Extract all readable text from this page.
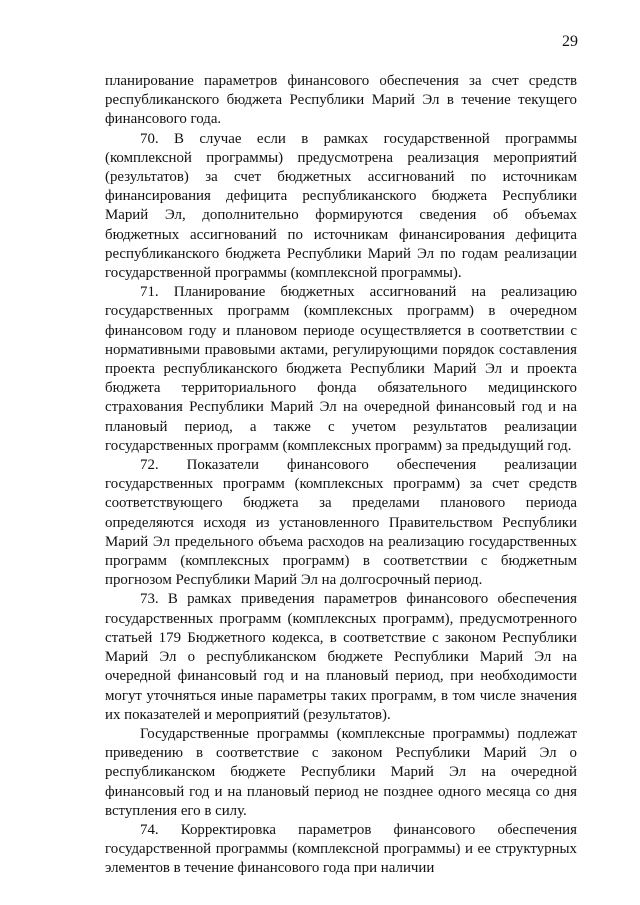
29

планирование параметров финансового обеспечения за счет средств республиканского бюджета Республики Марий Эл в течение текущего финансового года.

70. В случае если в рамках государственной программы (комплексной программы) предусмотрена реализация мероприятий (результатов) за счет бюджетных ассигнований по источникам финансирования дефицита республиканского бюджета Республики Марий Эл, дополнительно формируются сведения об объемах бюджетных ассигнований по источникам финансирования дефицита республиканского бюджета Республики Марий Эл по годам реализации государственной программы (комплексной программы).

71. Планирование бюджетных ассигнований на реализацию государственных программ (комплексных программ) в очередном финансовом году и плановом периоде осуществляется в соответствии с нормативными правовыми актами, регулирующими порядок составления проекта республиканского бюджета Республики Марий Эл и проекта бюджета территориального фонда обязательного медицинского страхования Республики Марий Эл на очередной финансовый год и на плановый период, а также с учетом результатов реализации государственных программ (комплексных программ) за предыдущий год.

72. Показатели финансового обеспечения реализации государственных программ (комплексных программ) за счет средств соответствующего бюджета за пределами планового периода определяются исходя из установленного Правительством Республики Марий Эл предельного объема расходов на реализацию государственных программ (комплексных программ) в соответствии с бюджетным прогнозом Республики Марий Эл на долгосрочный период.

73. В рамках приведения параметров финансового обеспечения государственных программ (комплексных программ), предусмотренного статьей 179 Бюджетного кодекса, в соответствие с законом Республики Марий Эл о республиканском бюджете Республики Марий Эл на очередной финансовый год и на плановый период, при необходимости могут уточняться иные параметры таких программ, в том числе значения их показателей и мероприятий (результатов).

Государственные программы (комплексные программы) подлежат приведению в соответствие с законом Республики Марий Эл о республиканском бюджете Республики Марий Эл на очередной финансовый год и на плановый период не позднее одного месяца со дня вступления его в силу.

74. Корректировка параметров финансового обеспечения государственной программы (комплексной программы) и ее структурных элементов в течение финансового года при наличии
